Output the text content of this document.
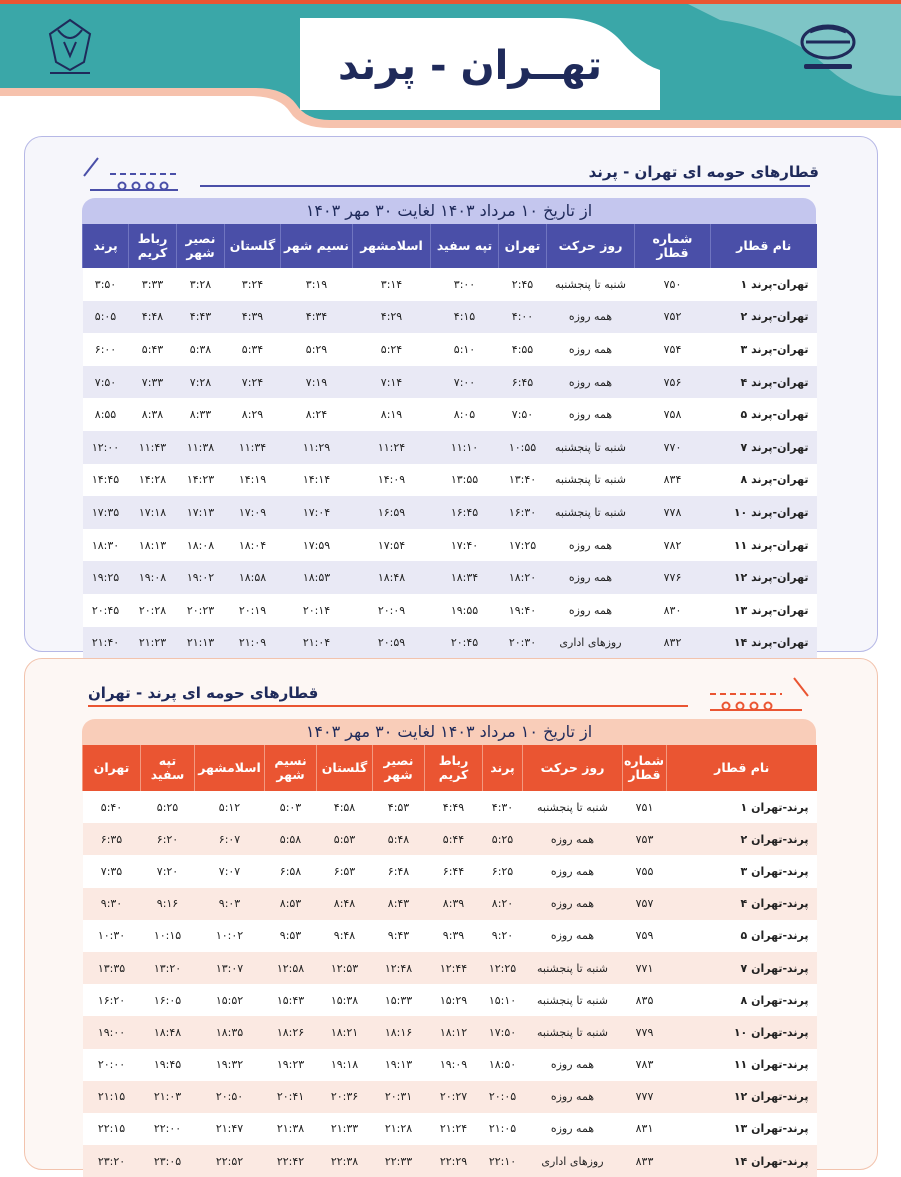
تهــران - پرند
قطارهای حومه ای تهران - پرند
از تاریخ ۱۰ مرداد ۱۴۰۳ لغایت ۳۰ مهر ۱۴۰۳
نام قطار	شماره قطار	روز حرکت	تهران	تپه سفید	اسلامشهر	نسیم شهر	گلستان	نصیر شهر	رباط کریم	پرند
تهران-پرند ۱	۷۵۰	شنبه تا پنجشنبه	۲:۴۵	۳:۰۰	۳:۱۴	۳:۱۹	۳:۲۴	۳:۲۸	۳:۳۳	۳:۵۰
تهران-پرند ۲	۷۵۲	همه روزه	۴:۰۰	۴:۱۵	۴:۲۹	۴:۳۴	۴:۳۹	۴:۴۳	۴:۴۸	۵:۰۵
تهران-پرند ۳	۷۵۴	همه روزه	۴:۵۵	۵:۱۰	۵:۲۴	۵:۲۹	۵:۳۴	۵:۳۸	۵:۴۳	۶:۰۰
تهران-پرند ۴	۷۵۶	همه روزه	۶:۴۵	۷:۰۰	۷:۱۴	۷:۱۹	۷:۲۴	۷:۲۸	۷:۳۳	۷:۵۰
تهران-پرند ۵	۷۵۸	همه روزه	۷:۵۰	۸:۰۵	۸:۱۹	۸:۲۴	۸:۲۹	۸:۳۳	۸:۳۸	۸:۵۵
تهران-پرند ۷	۷۷۰	شنبه تا پنجشنبه	۱۰:۵۵	۱۱:۱۰	۱۱:۲۴	۱۱:۲۹	۱۱:۳۴	۱۱:۳۸	۱۱:۴۳	۱۲:۰۰
تهران-پرند ۸	۸۳۴	شنبه تا پنجشنبه	۱۳:۴۰	۱۳:۵۵	۱۴:۰۹	۱۴:۱۴	۱۴:۱۹	۱۴:۲۳	۱۴:۲۸	۱۴:۴۵
تهران-پرند ۱۰	۷۷۸	شنبه تا پنجشنبه	۱۶:۳۰	۱۶:۴۵	۱۶:۵۹	۱۷:۰۴	۱۷:۰۹	۱۷:۱۳	۱۷:۱۸	۱۷:۳۵
تهران-پرند ۱۱	۷۸۲	همه روزه	۱۷:۲۵	۱۷:۴۰	۱۷:۵۴	۱۷:۵۹	۱۸:۰۴	۱۸:۰۸	۱۸:۱۳	۱۸:۳۰
تهران-پرند ۱۲	۷۷۶	همه روزه	۱۸:۲۰	۱۸:۳۴	۱۸:۴۸	۱۸:۵۳	۱۸:۵۸	۱۹:۰۲	۱۹:۰۸	۱۹:۲۵
تهران-پرند ۱۳	۸۳۰	همه روزه	۱۹:۴۰	۱۹:۵۵	۲۰:۰۹	۲۰:۱۴	۲۰:۱۹	۲۰:۲۳	۲۰:۲۸	۲۰:۴۵
تهران-پرند ۱۴	۸۳۲	روزهای اداری	۲۰:۳۰	۲۰:۴۵	۲۰:۵۹	۲۱:۰۴	۲۱:۰۹	۲۱:۱۳	۲۱:۲۳	۲۱:۴۰
قطارهای حومه ای پرند - تهران
از تاریخ ۱۰ مرداد ۱۴۰۳ لغایت ۳۰ مهر ۱۴۰۳
نام قطار	شماره قطار	روز حرکت	پرند	رباط کریم	نصیر شهر	گلستان	نسیم شهر	اسلامشهر	تپه سفید	تهران
پرند-تهران ۱	۷۵۱	شنبه تا پنجشنبه	۴:۳۰	۴:۴۹	۴:۵۳	۴:۵۸	۵:۰۳	۵:۱۲	۵:۲۵	۵:۴۰
پرند-تهران ۲	۷۵۳	همه روزه	۵:۲۵	۵:۴۴	۵:۴۸	۵:۵۳	۵:۵۸	۶:۰۷	۶:۲۰	۶:۳۵
پرند-تهران ۳	۷۵۵	همه روزه	۶:۲۵	۶:۴۴	۶:۴۸	۶:۵۳	۶:۵۸	۷:۰۷	۷:۲۰	۷:۳۵
پرند-تهران ۴	۷۵۷	همه روزه	۸:۲۰	۸:۳۹	۸:۴۳	۸:۴۸	۸:۵۳	۹:۰۳	۹:۱۶	۹:۳۰
پرند-تهران ۵	۷۵۹	همه روزه	۹:۲۰	۹:۳۹	۹:۴۳	۹:۴۸	۹:۵۳	۱۰:۰۲	۱۰:۱۵	۱۰:۳۰
پرند-تهران ۷	۷۷۱	شنبه تا پنجشنبه	۱۲:۲۵	۱۲:۴۴	۱۲:۴۸	۱۲:۵۳	۱۲:۵۸	۱۳:۰۷	۱۳:۲۰	۱۳:۳۵
پرند-تهران ۸	۸۳۵	شنبه تا پنجشنبه	۱۵:۱۰	۱۵:۲۹	۱۵:۳۳	۱۵:۳۸	۱۵:۴۳	۱۵:۵۲	۱۶:۰۵	۱۶:۲۰
پرند-تهران ۱۰	۷۷۹	شنبه تا پنجشنبه	۱۷:۵۰	۱۸:۱۲	۱۸:۱۶	۱۸:۲۱	۱۸:۲۶	۱۸:۳۵	۱۸:۴۸	۱۹:۰۰
پرند-تهران ۱۱	۷۸۳	همه روزه	۱۸:۵۰	۱۹:۰۹	۱۹:۱۳	۱۹:۱۸	۱۹:۲۳	۱۹:۳۲	۱۹:۴۵	۲۰:۰۰
پرند-تهران ۱۲	۷۷۷	همه روزه	۲۰:۰۵	۲۰:۲۷	۲۰:۳۱	۲۰:۳۶	۲۰:۴۱	۲۰:۵۰	۲۱:۰۳	۲۱:۱۵
پرند-تهران ۱۳	۸۳۱	همه روزه	۲۱:۰۵	۲۱:۲۴	۲۱:۲۸	۲۱:۳۳	۲۱:۳۸	۲۱:۴۷	۲۲:۰۰	۲۲:۱۵
پرند-تهران ۱۴	۸۳۳	روزهای اداری	۲۲:۱۰	۲۲:۲۹	۲۲:۳۳	۲۲:۳۸	۲۲:۴۲	۲۲:۵۲	۲۳:۰۵	۲۳:۲۰
